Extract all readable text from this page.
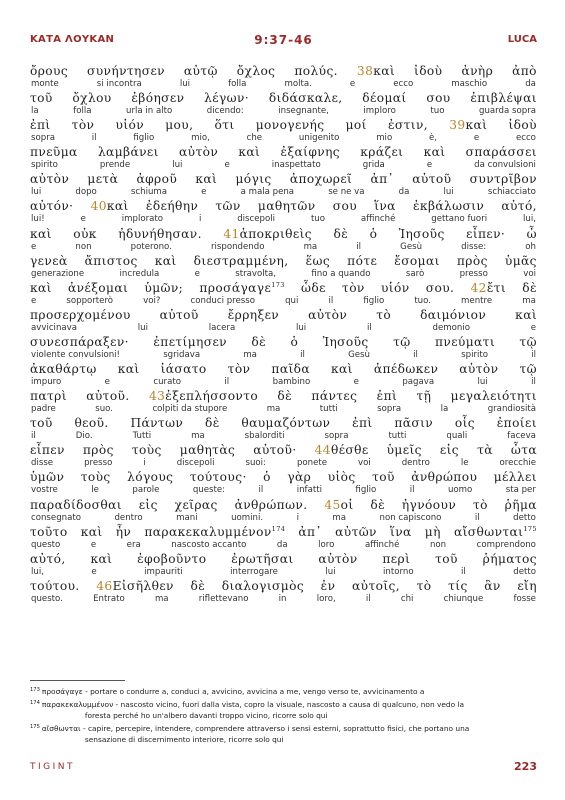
ΚΑΤΑ ΛΟΥΚΑΝ	9:37-46	LUCA
ὄρους συνήντησεν αὐτῷ ὄχλος πολύς. 38καὶ ἰδοὺ ἀνὴρ ἀπὸ
monte	si incontra	lui	folla	molta.	e	ecco	maschio	da
τοῦ ὄχλου ἐβόησεν λέγων· διδάσκαλε, δέομαί σου ἐπιβλέψαι
la	folla	urla in alto	dicendo:	insegnante,	imploro	tuo	guarda sopra
ἐπὶ τὸν υἱόν μου, ὅτι μονογενής μοί ἐστιν, 39καὶ ἰδοὺ
sopra	il	figlio	mio,	che	unigenito	mio	è,	e	ecco
πνεῦμα λαμβάνει αὐτὸν καὶ ἐξαίφνης κράζει καὶ σπαράσσει
spirito	prende	lui	e	inaspettato	grida	e	da convulsioni
αὐτὸν μετὰ ἀφροῦ καὶ μόγις ἀποχωρεῖ ἀπ᾽ αὐτοῦ συντρῖβον
lui	dopo	schiuma	e	a mala pena	se ne va	da	lui	schiacciato
αὐτόν· 40καὶ ἐδεήθην τῶν μαθητῶν σου ἵνα ἐκβάλωσιν αὐτό,
lui!	e	implorato	i	discepoli	tuo	affinché	gettano fuori	lui,
καὶ οὐκ ἠδυνήθησαν. 41ἀποκριθεὶς δὲ ὁ Ἰησοῦς εἶπεν· ὦ
e	non	poterono.	rispondendo	ma	il	Gesù	disse:	oh
γενεὰ ἄπιστος καὶ διεστραμμένη, ἕως πότε ἔσομαι πρὸς ὑμᾶς
generazione	incredula	e	stravolta,	fino a quando	sarò	presso	voi
καὶ ἀνέξομαι ὑμῶν; προσάγαγε$^{173}$ ὧδε τὸν υἱόν σου. 42ἔτι δὲ
e	sopporterò	voi?	conduci presso	qui	il	figlio	tuo.	mentre	ma
προσερχομένου αὐτοῦ ἔρρηξεν αὐτὸν τὸ δαιμόνιον καὶ
avvicinava	lui	lacera	lui	il	demonio	e
συνεσπάραξεν· ἐπετίμησεν δὲ ὁ Ἰησοῦς τῷ πνεύματι τῷ
violente convulsioni!	sgridava	ma	il	Gesù	il	spirito	il
ἀκαθάρτῳ καὶ ἰάσατο τὸν παῖδα καὶ ἀπέδωκεν αὐτὸν τῷ
impuro	e	curato	il	bambino	e	pagava	lui	il
πατρὶ αὐτοῦ. 43ἐξεπλήσσοντο δὲ πάντες ἐπὶ τῇ μεγαλειότητι
padre	suo.	colpiti da stupore	ma	tutti	sopra	la	grandiosità
τοῦ θεοῦ. Πάντων δὲ θαυμαζόντων ἐπὶ πᾶσιν οἷς ἐποίει
il	Dio.	Tutti	ma	sbalorditi	sopra	tutti	quali	faceva
εἶπεν πρὸς τοὺς μαθητὰς αὐτοῦ· 44θέσθε ὑμεῖς εἰς τὰ ὦτα
disse	presso	i	discepoli	suoi:	ponete	voi	dentro	le	orecchie
ὑμῶν τοὺς λόγους τούτους· ὁ γὰρ υἱὸς τοῦ ἀνθρώπου μέλλει
vostre	le	parole	queste:	il	infatti	figlio	il	uomo	sta per
παραδίδοσθαι εἰς χεῖρας ἀνθρώπων. 45οἱ δὲ ἠγνόουν τὸ ῥῆμα
consegnato	dentro	mani	uomini.	i	ma	non capiscono	il	detto
τοῦτο καὶ ἦν παρακεκαλυμμένον$^{174}$ ἀπ᾽ αὐτῶν ἵνα μὴ αἴσθωνται$^{175}$
questo	e	era	nascosto accanto	da	loro	affinché	non	comprendono
αὐτό, καὶ ἐφοβοῦντο ἐρωτῆσαι αὐτὸν περὶ τοῦ ῥήματος
lui,	e	impauriti	interrogare	lui	intorno	il	detto
τούτου. 46Εἰσῆλθεν δὲ διαλογισμὸς ἐν αὐτοῖς, τὸ τίς ἂν εἴη
questo.	Entrato	ma	riflettevano	in	loro,	il	chi	chiunque	fosse
173 προσάγαγε - portare o condurre a, conduci a, avvicino, avvicina a me, vengo verso te, avvicinamento a
174 παρακεκαλυμμένον - nascosto vicino, fuori dalla vista, copro la visuale, nascosto a causa di qualcuno, non vedo la
foresta perché ho un'albero davanti troppo vicino, ricorre solo qui
175 αἴσθωνται - capire, percepire, intendere, comprendere attraverso i sensi esterni, soprattutto fisici, che portano una
sensazione di discernimento interiore, ricorre solo qui
TIGINT	223
